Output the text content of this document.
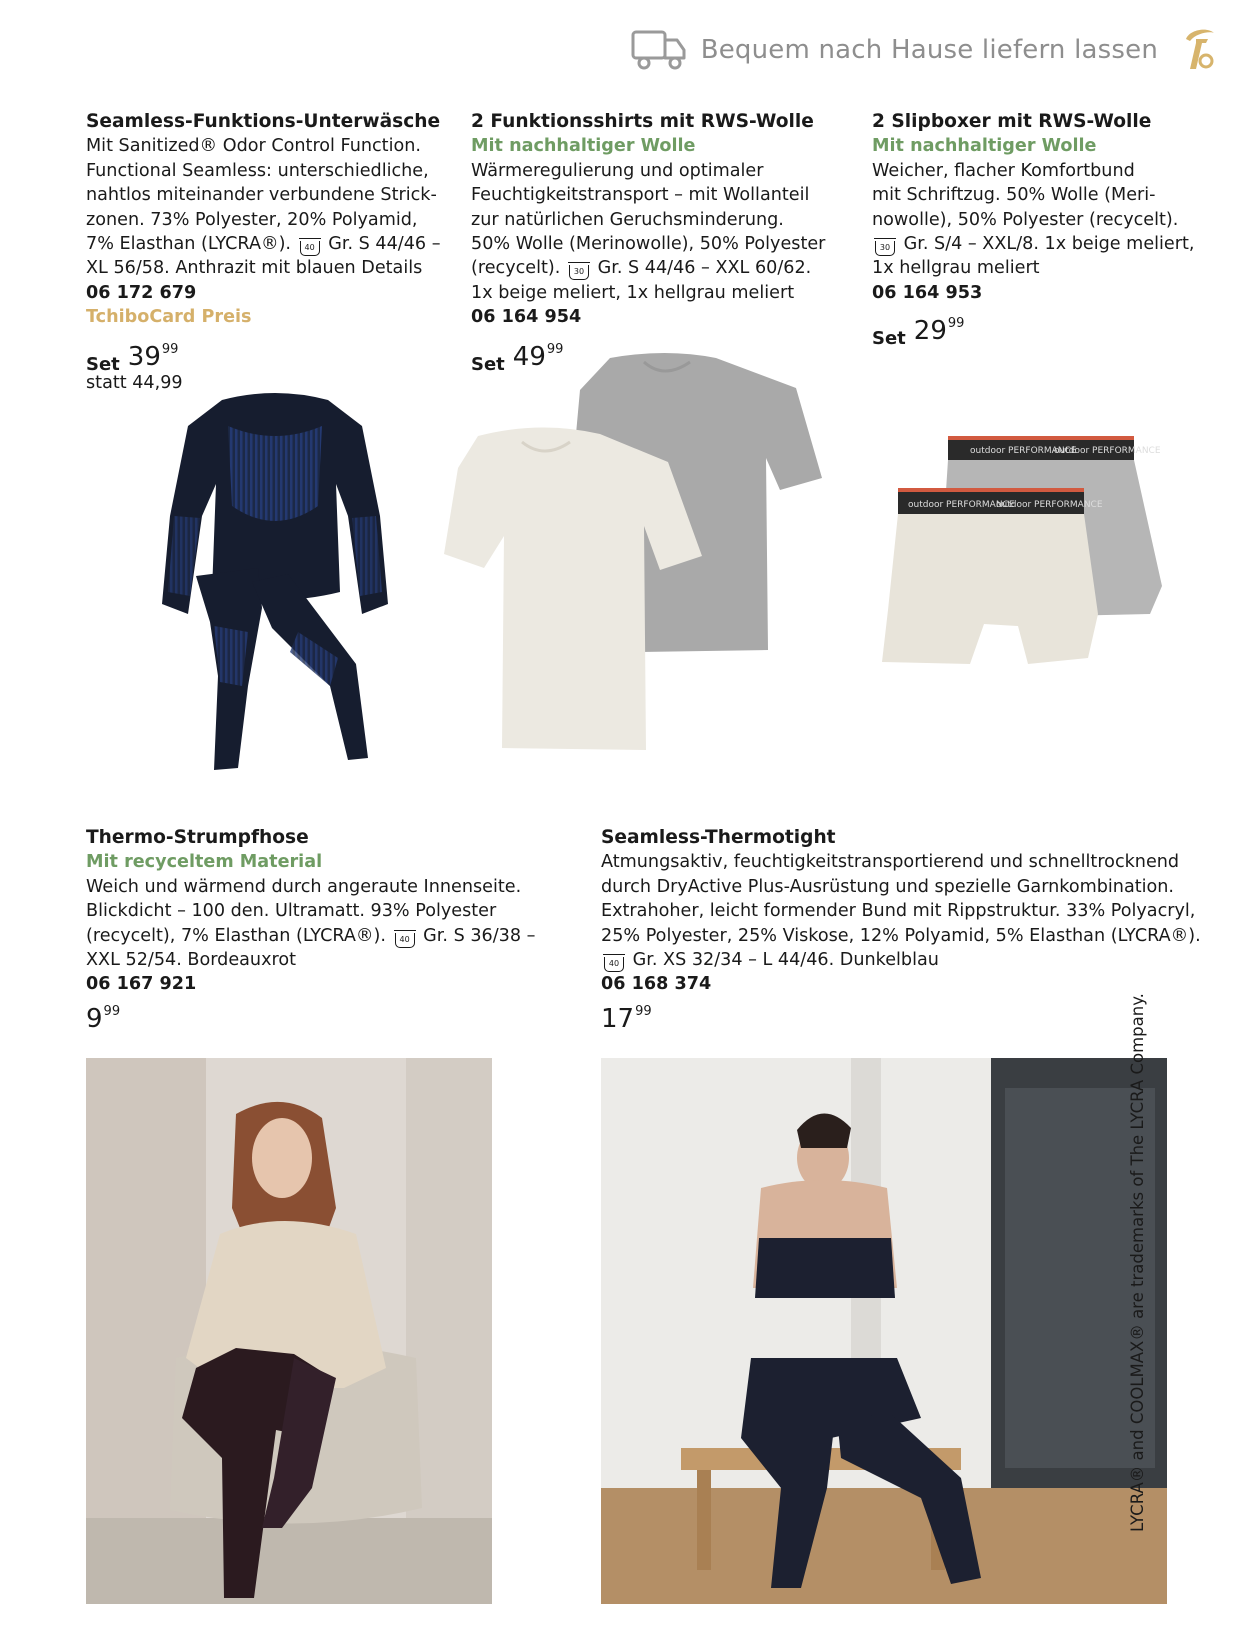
Bequem nach Hause liefern lassen

Seamless-Funktions-Unterwäsche

Mit Sanitized® Odor Control Function.

Functional Seamless: unterschiedliche,

nahtlos miteinander verbundene Strick-

zonen. 73% Polyester, 20% Polyamid,

7% Elasthan (LYCRA®). 40 Gr. S 44/46 –

XL 56/58. Anthrazit mit blauen Details

06 172 679

TchiboCard Preis

Set 39 99

statt 44,99

2 Funktionsshirts mit RWS-Wolle

Mit nachhaltiger Wolle

Wärmeregulierung und optimaler

Feuchtigkeitstransport – mit Wollanteil

zur natürlichen Geruchsminderung.

50% Wolle (Merinowolle), 50% Polyester

(recycelt). 30 Gr. S 44/46 – XXL 60/62.

1x beige meliert, 1x hellgrau meliert

06 164 954

Set 49 99

2 Slipboxer mit RWS-Wolle

Mit nachhaltiger Wolle

Weicher, flacher Komfortbund

mit Schriftzug. 50% Wolle (Meri-

nowolle), 50% Polyester (recycelt).

30 Gr. S/4 – XXL/8. 1x beige meliert,

1x hellgrau meliert

06 164 953

Set 29 99
outdoor PERFORMANCE
outdoor PERFORMANCE
outdoor PERFORMANCE
outdoor PERFORMANCE

Thermo-Strumpfhose

Mit recyceltem Material

Weich und wärmend durch angeraute Innenseite.

Blickdicht – 100 den. Ultramatt. 93% Polyester

(recycelt), 7% Elasthan (LYCRA®). 40 Gr. S 36/38 –

XXL 52/54. Bordeauxrot

06 167 921

9 99

Seamless-Thermotight

Atmungsaktiv, feuchtigkeitstransportierend und schnelltrocknend

durch DryActive Plus-Ausrüstung und spezielle Garnkombination.

Extrahoher, leicht formender Bund mit Rippstruktur. 33% Polyacryl,

25% Polyester, 25% Viskose, 12% Polyamid, 5% Elasthan (LYCRA®).

40 Gr. XS 32/34 – L 44/46. Dunkelblau

06 168 374

17 99	LYCRA® and COOLMAX® are trademarks of The LYCRA Company.
